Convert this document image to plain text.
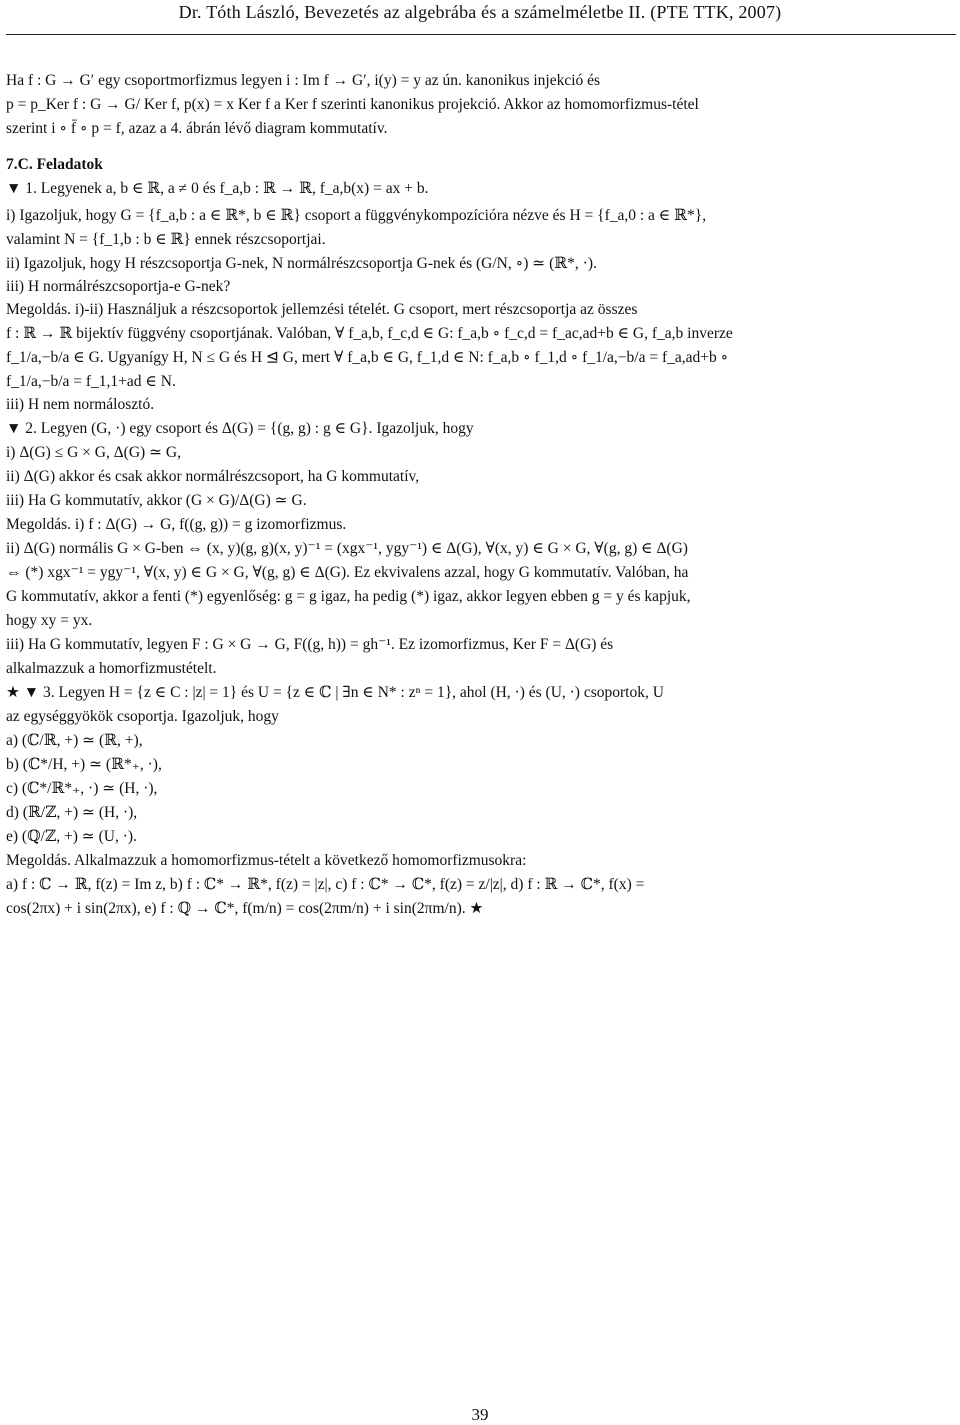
Dr. Tóth László, Bevezetés az algebrába és a számelméletbe II. (PTE TTK, 2007)
Ha f : G → G′ egy csoportmorfizmus legyen i : Im f → G′, i(y) = y az ún. kanonikus injekció és
p = p_Ker f : G → G/ Ker f, p(x) = x Ker f a Ker f szerinti kanonikus projekció. Akkor az homomorfizmus-tétel
szerint i ∘ f̄ ∘ p = f, azaz a 4. ábrán lévő diagram kommutatív.
7.C. Feladatok
▼ 1. Legyenek a, b ∈ ℝ, a ≠ 0 és f_a,b : ℝ → ℝ, f_a,b(x) = ax + b.
i) Igazoljuk, hogy G = {f_a,b : a ∈ ℝ*, b ∈ ℝ} csoport a függvénykompozícióra nézve és H = {f_a,0 : a ∈ ℝ*},
valamint N = {f_1,b : b ∈ ℝ} ennek részcsoportjai.
ii) Igazoljuk, hogy H részcsoportja G-nek, N normálrészcsoportja G-nek és (G/N, ∘) ≃ (ℝ*, ·).
iii) H normálrészcsoportja-e G-nek?
Megoldás. i)-ii) Használjuk a részcsoportok jellemzési tételét. G csoport, mert részcsoportja az összes
f : ℝ → ℝ bijektív függvény csoportjának. Valóban, ∀ f_a,b, f_c,d ∈ G: f_a,b ∘ f_c,d = f_ac,ad+b ∈ G, f_a,b inverze
f_1/a,−b/a ∈ G. Ugyanígy H, N ≤ G és H ⊴ G, mert ∀ f_a,b ∈ G, f_1,d ∈ N: f_a,b ∘ f_1,d ∘ f_1/a,−b/a = f_a,ad+b ∘
f_1/a,−b/a = f_1,1+ad ∈ N.
iii) H nem normálosztó.
▼ 2. Legyen (G, ·) egy csoport és Δ(G) = {(g, g) : g ∈ G}. Igazoljuk, hogy
i) Δ(G) ≤ G × G, Δ(G) ≃ G,
ii) Δ(G) akkor és csak akkor normálrészcsoport, ha G kommutatív,
iii) Ha G kommutatív, akkor (G × G)/Δ(G) ≃ G.
Megoldás. i) f : Δ(G) → G, f((g, g)) = g izomorfizmus.
ii) Δ(G) normális G × G-ben ⇔ (x, y)(g, g)(x, y)⁻¹ = (xgx⁻¹, ygy⁻¹) ∈ Δ(G), ∀(x, y) ∈ G × G, ∀(g, g) ∈ Δ(G)
⇔ (*) xgx⁻¹ = ygy⁻¹, ∀(x, y) ∈ G × G, ∀(g, g) ∈ Δ(G). Ez ekvivalens azzal, hogy G kommutatív. Valóban, ha
G kommutatív, akkor a fenti (*) egyenlőség: g = g igaz, ha pedig (*) igaz, akkor legyen ebben g = y és kapjuk,
hogy xy = yx.
iii) Ha G kommutatív, legyen F : G × G → G, F((g, h)) = gh⁻¹. Ez izomorfizmus, Ker F = Δ(G) és
alkalmazzuk a homorfizmustételt.
★ ▼ 3. Legyen H = {z ∈ C : |z| = 1} és U = {z ∈ ℂ | ∃n ∈ N* : zⁿ = 1}, ahol (H, ·) és (U, ·) csoportok, U
az egységgyökök csoportja. Igazoljuk, hogy
a) (ℂ/ℝ, +) ≃ (ℝ, +),
b) (ℂ*/H, +) ≃ (ℝ*₊, ·),
c) (ℂ*/ℝ*₊, ·) ≃ (H, ·),
d) (ℝ/ℤ, +) ≃ (H, ·),
e) (ℚ/ℤ, +) ≃ (U, ·).
Megoldás. Alkalmazzuk a homomorfizmus-tételt a következő homomorfizmusokra:
a) f : ℂ → ℝ, f(z) = Im z, b) f : ℂ* → ℝ*, f(z) = |z|, c) f : ℂ* → ℂ*, f(z) = z/|z|, d) f : ℝ → ℂ*, f(x) =
cos(2πx) + i sin(2πx), e) f : ℚ → ℂ*, f(m/n) = cos(2πm/n) + i sin(2πm/n). ★
39
